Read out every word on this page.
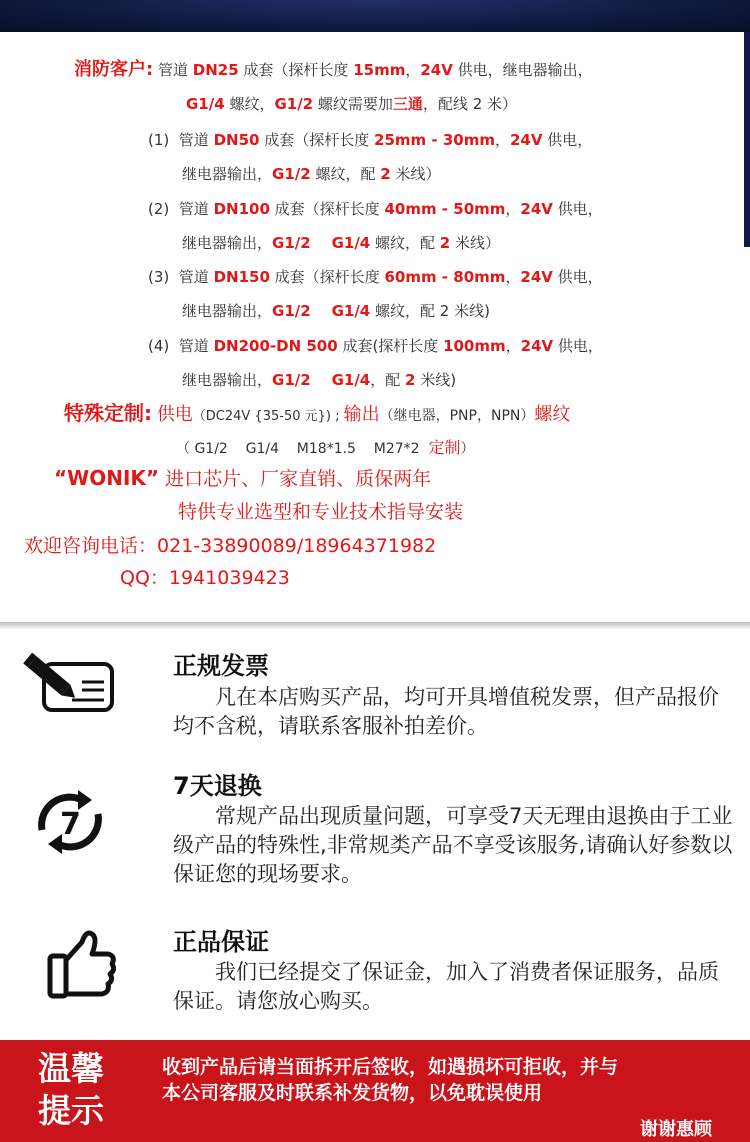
消防客户: 管道 DN25 成套（探杆长度 15mm，24V 供电，继电器输出，
G1/4 螺纹，G1/2 螺纹需要加三通，配线 2 米）
(1) 管道 DN50 成套（探杆长度 25mm - 30mm，24V 供电，
继电器输出，G1/2 螺纹，配 2 米线）
(2) 管道 DN100 成套（探杆长度 40mm - 50mm，24V 供电，
继电器输出，G1/2    G1/4 螺纹，配 2 米线）
(3) 管道 DN150 成套（探杆长度 60mm - 80mm，24V 供电，
继电器输出，G1/2    G1/4 螺纹，配 2 米线)
(4) 管道 DN200-DN 500 成套(探杆长度 100mm，24V 供电，
继电器输出，G1/2    G1/4，配 2 米线)
特殊定制: 供电（DC24V {35-50 元}) ; 输出（继电器，PNP，NPN）螺纹
（ G1/2    G1/4    M18*1.5    M27*2  定制）
“WONIK” 进口芯片、厂家直销、质保两年
特供专业选型和专业技术指导安装
欢迎咨询电话：021-33890089/18964371982
QQ：1941039423
正规发票
凡在本店购买产品，均可开具增值税发票，但产品报价均不含税，请联系客服补拍差价。
7
7天退换
常规产品出现质量问题，可享受7天无理由退换由于工业级产品的特殊性,非常规类产品不享受该服务,请确认好参数以保证您的现场要求。
正品保证
我们已经提交了保证金，加入了消费者保证服务，品质保证。请您放心购买。
温馨
提示
收到产品后请当面拆开后签收，如遇损坏可拒收，并与
本公司客服及时联系补发货物，以免耽误使用
谢谢惠顾
